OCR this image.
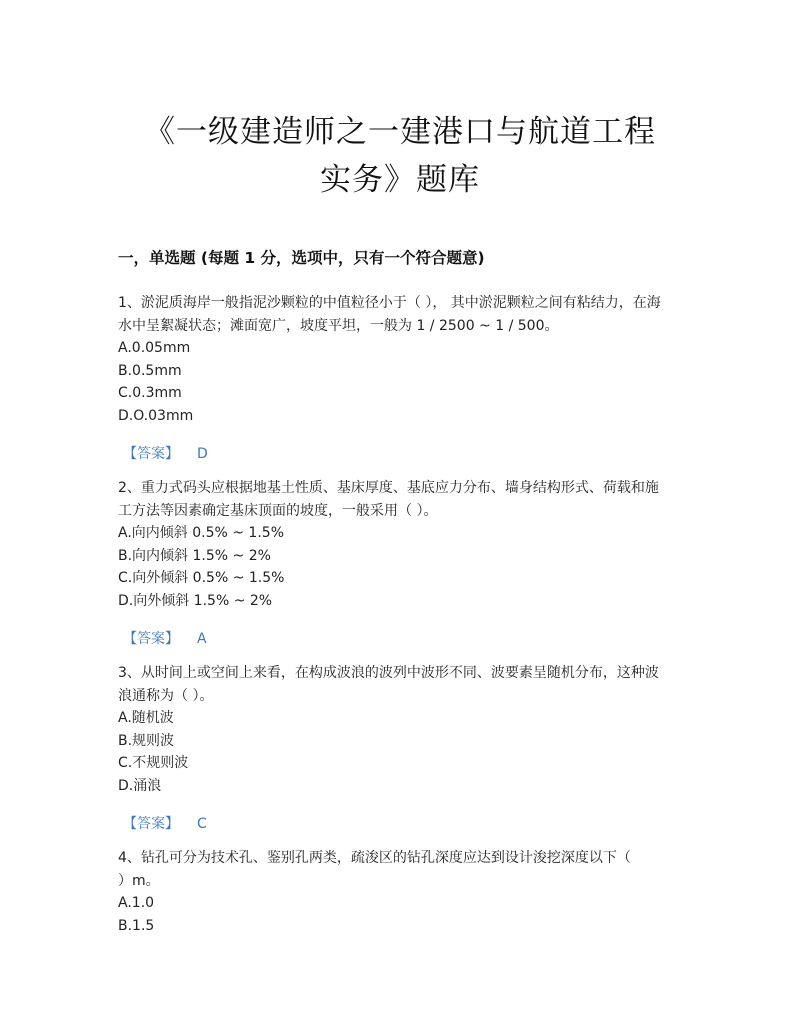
《一级建造师之一建港口与航道工程
实务》题库
一，单选题 (每题 1 分，选项中，只有一个符合题意)
1、淤泥质海岸一般指泥沙颗粒的中值粒径小于（ ）， 其中淤泥颗粒之间有粘结力，在海
水中呈絮凝状态；滩面宽广，坡度平坦，一般为 1 / 2500 ~ 1 / 500。
A.0.05mm
B.0.5mm
C.0.3mm
D.O.03mm
【答案】 D
2、重力式码头应根据地基土性质、基床厚度、基底应力分布、墙身结构形式、荷载和施
工方法等因素确定基床顶面的坡度，一般采用（ ）。
A.向内倾斜 0.5% ~ 1.5%
B.向内倾斜 1.5% ~ 2%
C.向外倾斜 0.5% ~ 1.5%
D.向外倾斜 1.5% ~ 2%
【答案】 A
3、从时间上或空间上来看，在构成波浪的波列中波形不同、波要素呈随机分布，这种波
浪通称为（ ）。
A.随机波
B.规则波
C.不规则波
D.涌浪
【答案】 C
4、钻孔可分为技术孔、鉴别孔两类，疏浚区的钻孔深度应达到设计浚挖深度以下（
）m。
A.1.0
B.1.5
